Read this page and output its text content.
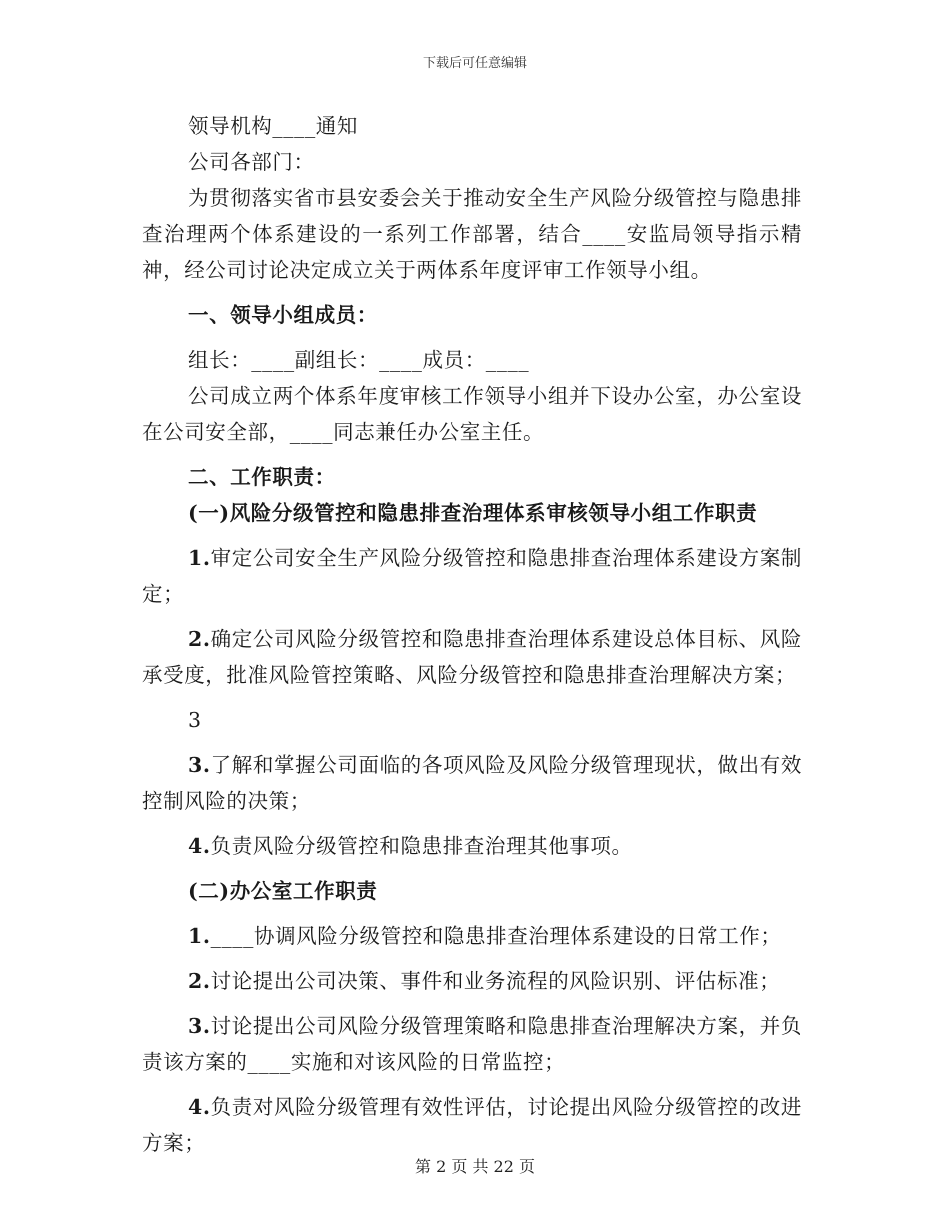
下载后可任意编辑

领导机构____通知

公司各部门：

为贯彻落实省市县安委会关于推动安全生产风险分级管控与隐患排查治理两个体系建设的一系列工作部署，结合____安监局领导指示精神，经公司讨论决定成立关于两体系年度评审工作领导小组。

一、领导小组成员：

组长：____副组长：____成员：____

公司成立两个体系年度审核工作领导小组并下设办公室，办公室设在公司安全部，____同志兼任办公室主任。

二、工作职责：

(一)风险分级管控和隐患排查治理体系审核领导小组工作职责

1.审定公司安全生产风险分级管控和隐患排查治理体系建设方案制定；

2.确定公司风险分级管控和隐患排查治理体系建设总体目标、风险承受度，批准风险管控策略、风险分级管控和隐患排查治理解决方案；

3

3.了解和掌握公司面临的各项风险及风险分级管理现状，做出有效控制风险的决策；

4.负责风险分级管控和隐患排查治理其他事项。

(二)办公室工作职责

1.____协调风险分级管控和隐患排查治理体系建设的日常工作；

2.讨论提出公司决策、事件和业务流程的风险识别、评估标准；

3.讨论提出公司风险分级管理策略和隐患排查治理解决方案，并负责该方案的____实施和对该风险的日常监控；

4.负责对风险分级管理有效性评估，讨论提出风险分级管控的改进方案；

第 2 页 共 22 页
